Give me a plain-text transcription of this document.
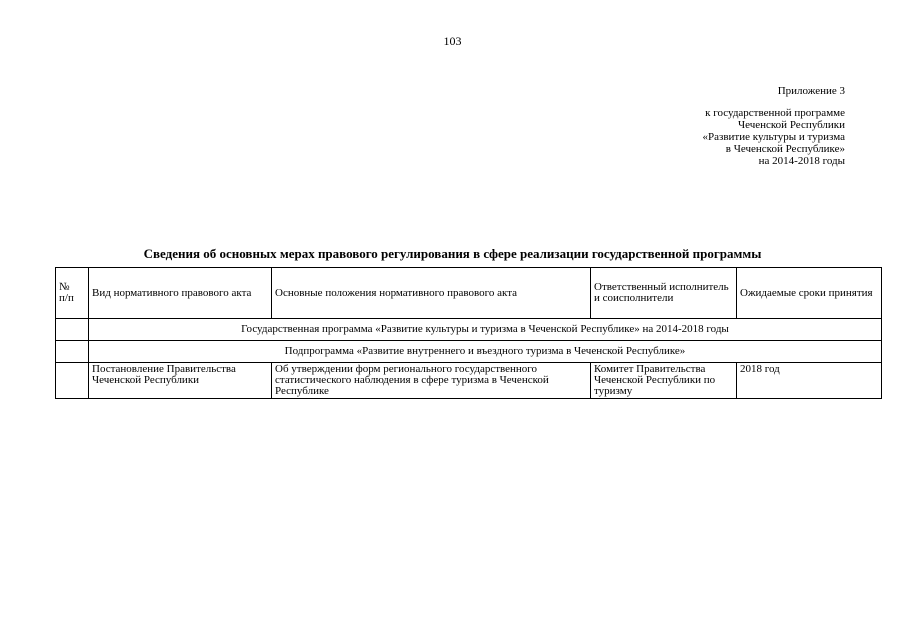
103
Приложение 3
к государственной программе
Чеченской Республики
«Развитие культуры и туризма
в Чеченской Республике»
на 2014-2018 годы
Сведения об основных мерах правового регулирования в сфере реализации государственной программы
№
п/п	Вид нормативного правового акта	Основные положения нормативного правового акта	Ответственный исполнитель и соисполнители	Ожидаемые сроки принятия
	Государственная программа «Развитие культуры и туризма в Чеченской Республике» на 2014-2018 годы			
	Подпрограмма «Развитие внутреннего и въездного туризма в Чеченской Республике»			
	Постановление Правительства Чеченской Республики	Об утверждении форм регионального государственного статистического наблюдения в сфере туризма в Чеченской Республике	Комитет Правительства Чеченской Республики по туризму	2018 год
